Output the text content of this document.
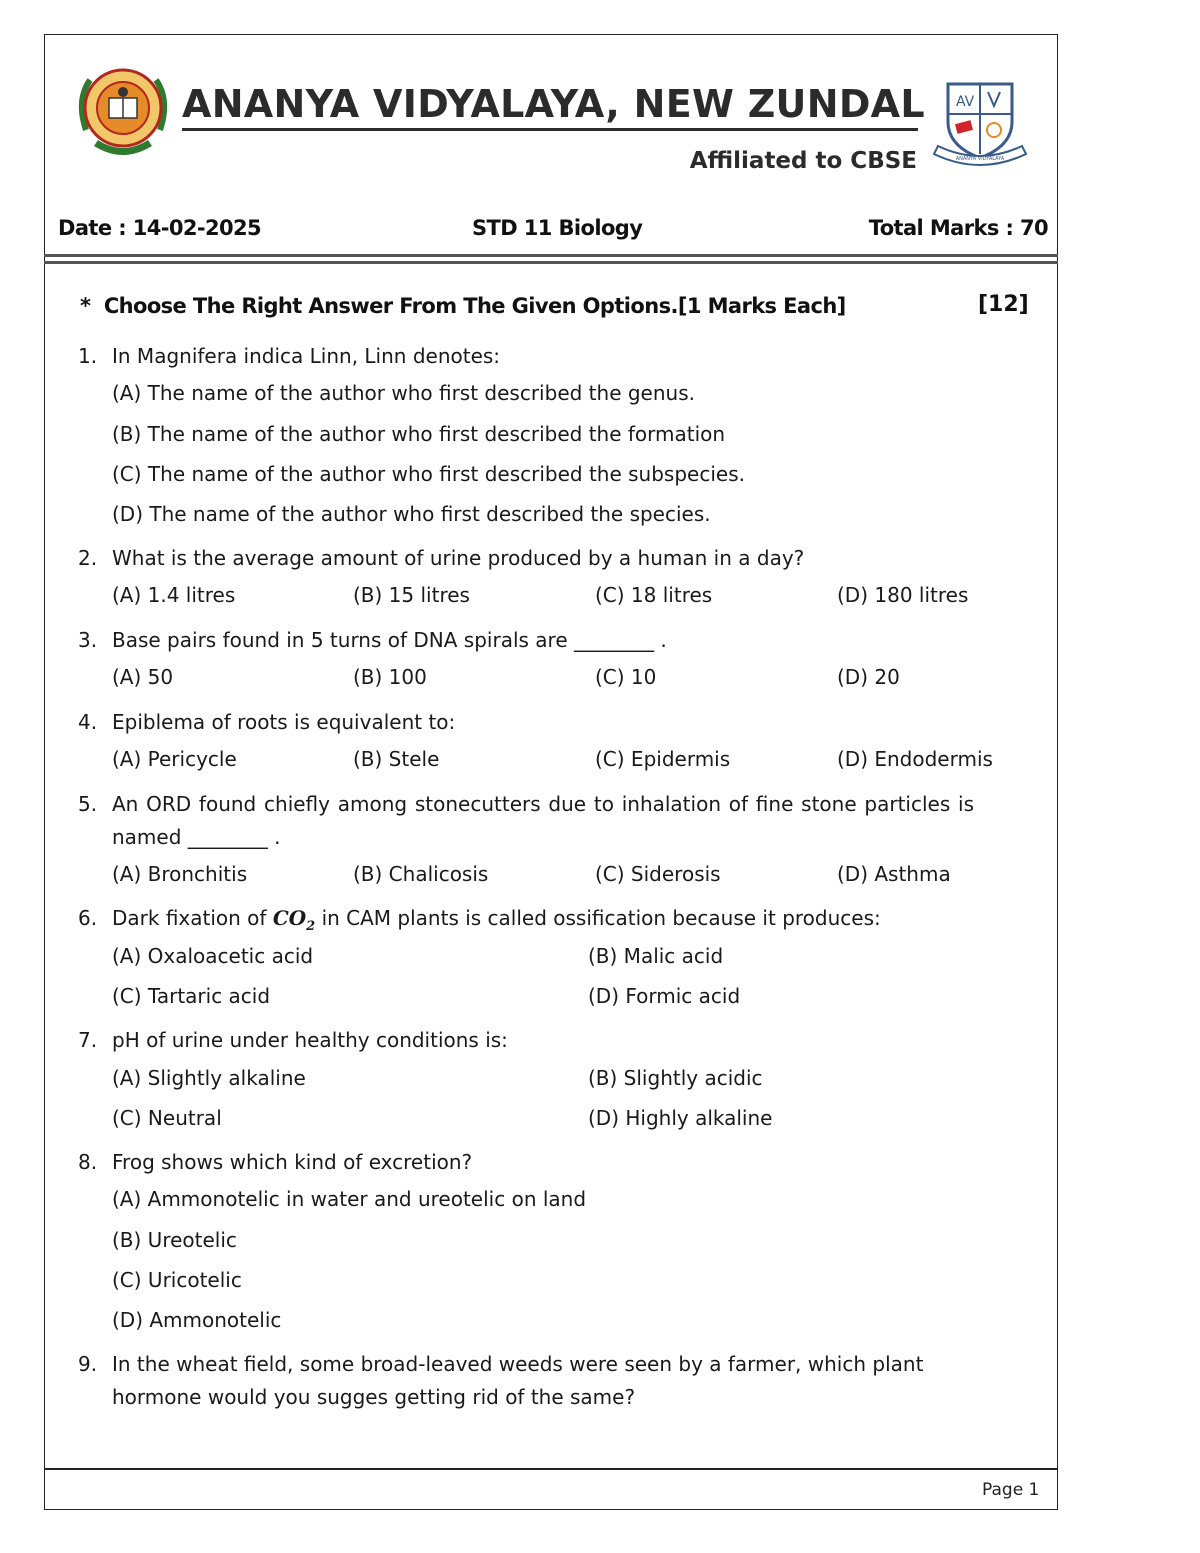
ANANYA VIDYALAYA, NEW ZUNDAL AV
ANANYA VIDYALAYA
Affiliated to CBSE
Date : 14-02-2025	STD 11 Biology	Total Marks : 70
* Choose The Right Answer From The Given Options.[1 Marks Each]	[12]
1. In Magnifera indica Linn, Linn denotes:
(A) The name of the author who first described the genus.
(B) The name of the author who first described the formation
(C) The name of the author who first described the subspecies.
(D) The name of the author who first described the species.
2. What is the average amount of urine produced by a human in a day?
(A) 1.4 litres	(B) 15 litres	(C) 18 litres	(D) 180 litres
3. Base pairs found in 5 turns of DNA spirals are ________ .
(A) 50	(B) 100	(C) 10	(D) 20
4. Epiblema of roots is equivalent to:
(A) Pericycle	(B) Stele	(C) Epidermis	(D) Endodermis
5. An ORD found chiefly among stonecutters due to inhalation of fine stone particles is named ________ .
(A) Bronchitis	(B) Chalicosis	(C) Siderosis	(D) Asthma
6. Dark fixation of $CO_2$ in CAM plants is called ossification because it produces:
(A) Oxaloacetic acid	(B) Malic acid
(C) Tartaric acid	(D) Formic acid
7. pH of urine under healthy conditions is:
(A) Slightly alkaline	(B) Slightly acidic
(C) Neutral	(D) Highly alkaline
8. Frog shows which kind of excretion?
(A) Ammonotelic in water and ureotelic on land
(B) Ureotelic
(C) Uricotelic
(D) Ammonotelic
9. In the wheat field, some broad-leaved weeds were seen by a farmer, which plant
hormone would you sugges getting rid of the same?
Page 1
